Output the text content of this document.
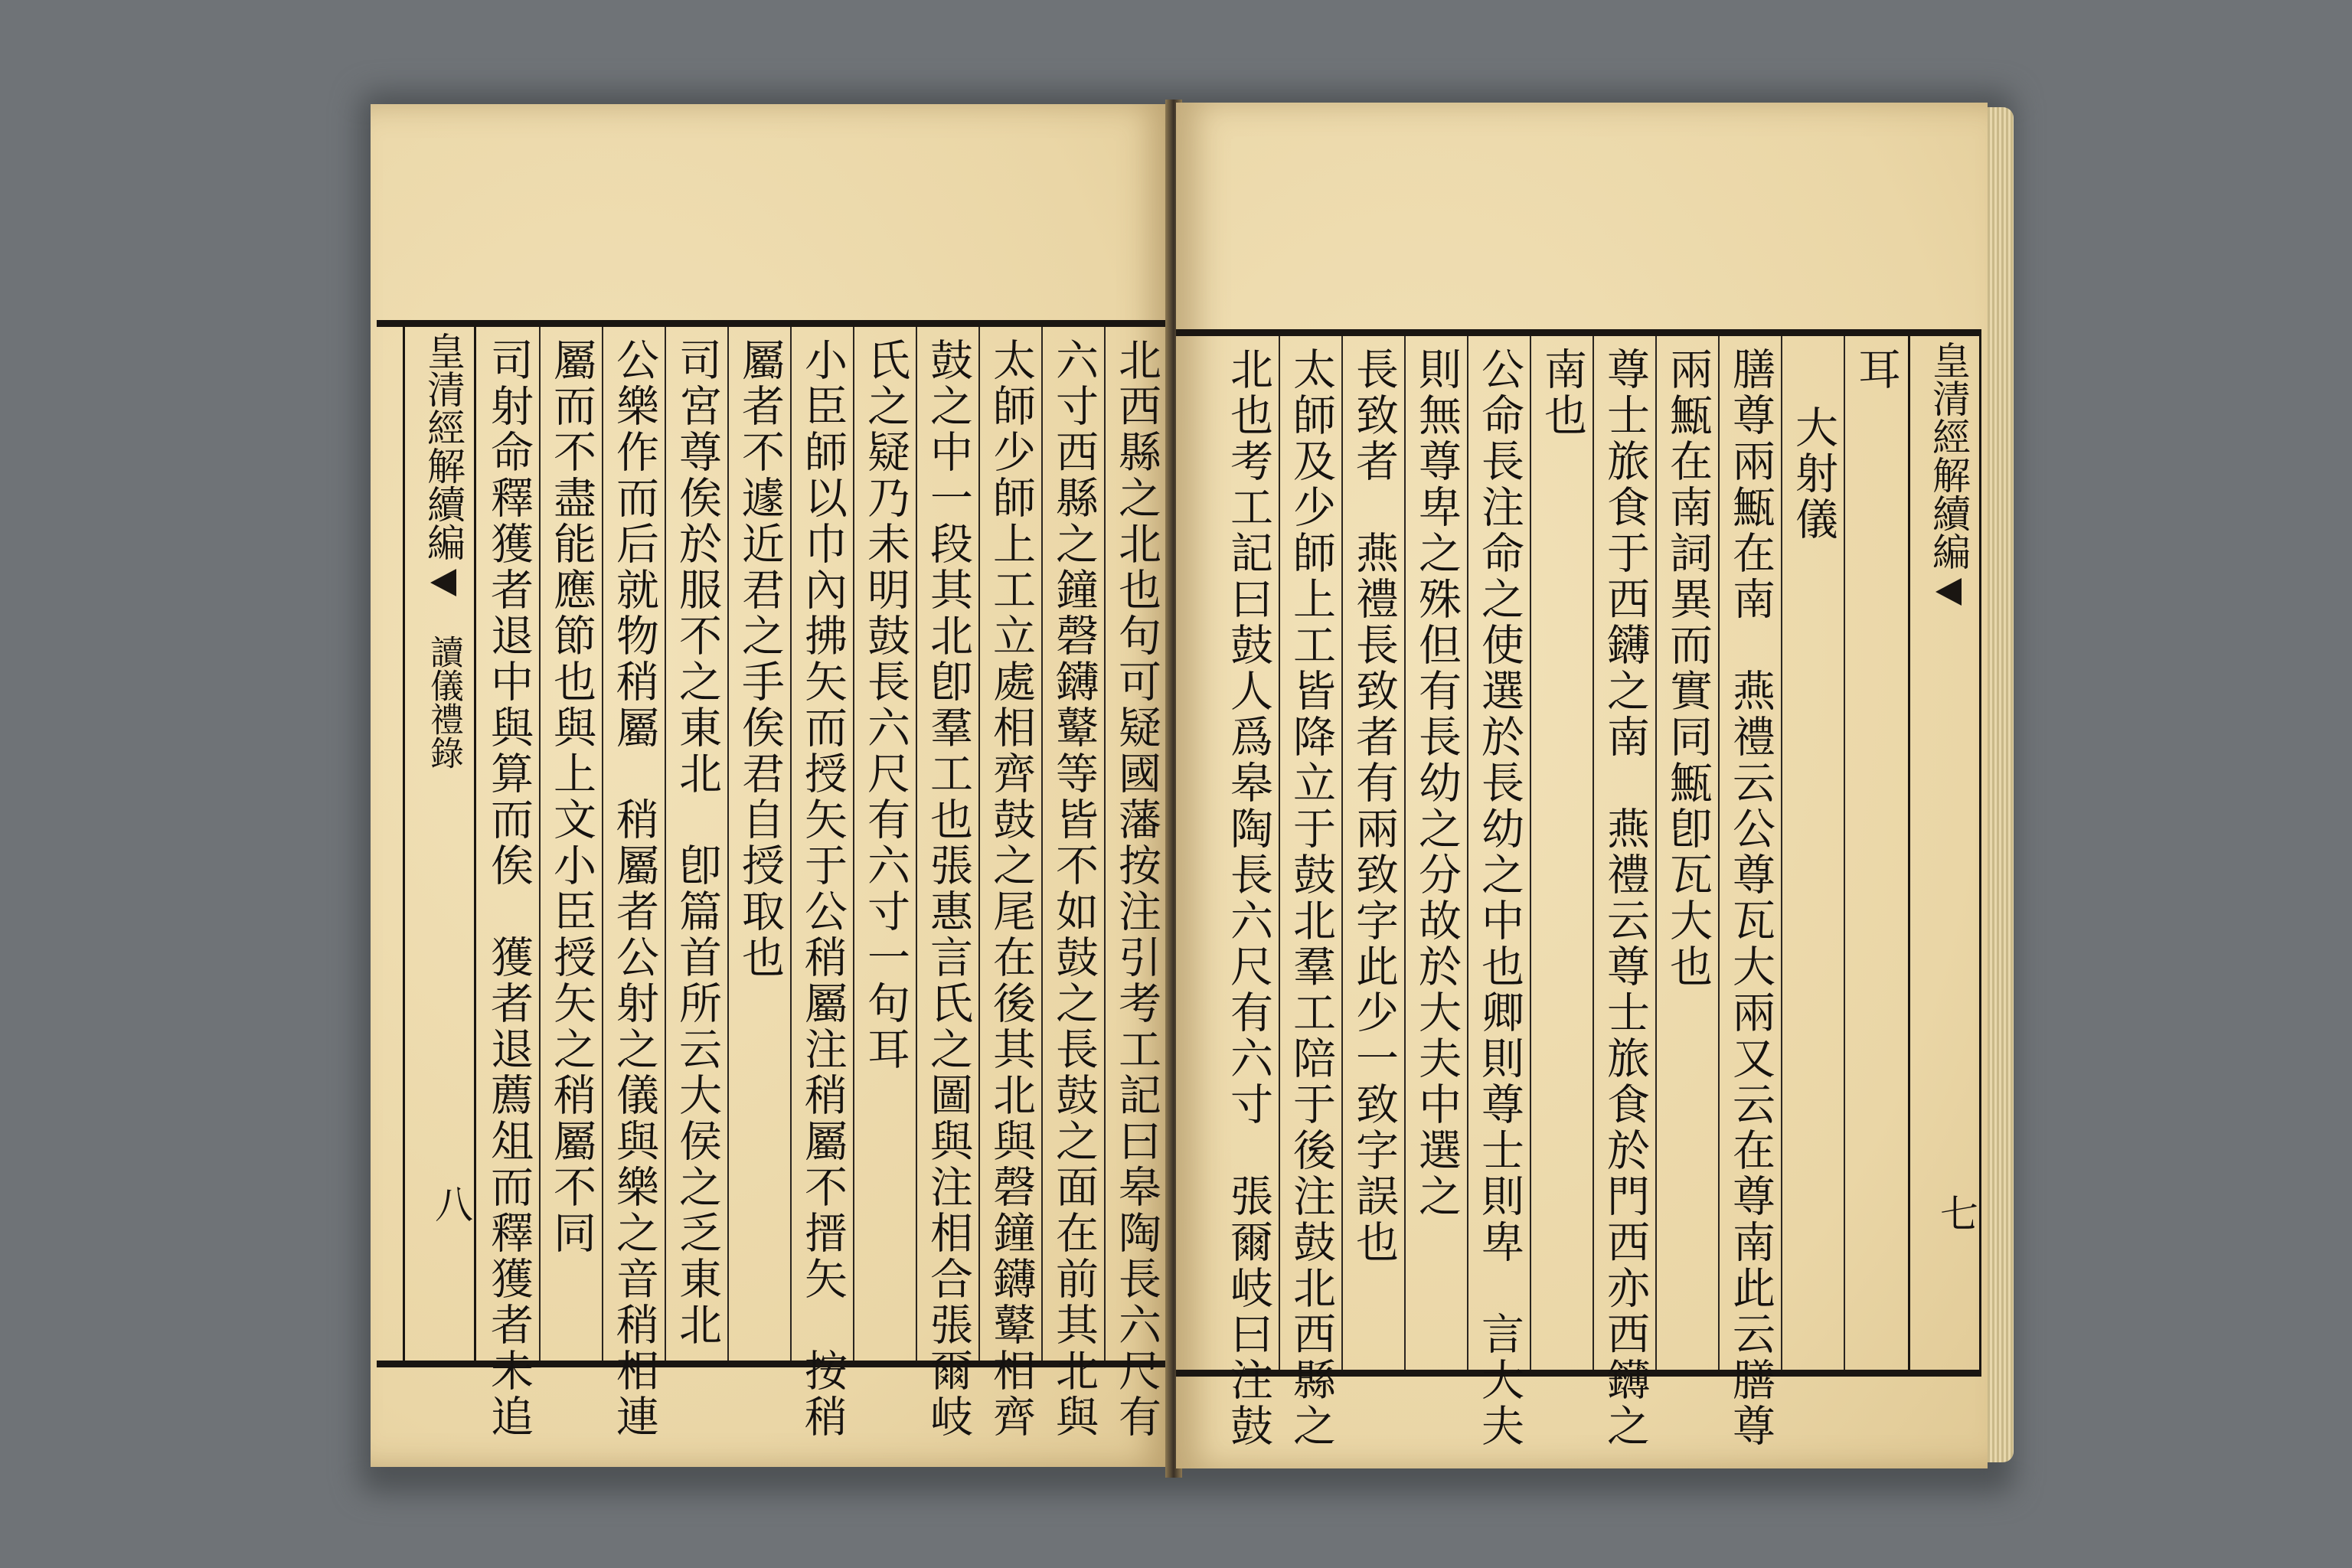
北西縣之北也句可疑國藩按注引考工記曰皋陶長六尺有
六寸西縣之鐘磬鑮鼙等皆不如鼓之長鼓之面在前其北與
太師少師上工立處相齊鼓之尾在後其北與磬鐘鑮鼙相齊
鼓之中一段其北卽羣工也張惠言氏之圖與注相合張爾岐
氏之疑乃未明鼓長六尺有六寸一句耳
小臣師以巾內拂矢而授矢于公稍屬注稍屬不搢矢　按稍
屬者不遽近君之手俟君自授取也
司宮尊俟於服不之東北　卽篇首所云大侯之乏東北
公樂作而后就物稍屬　稍屬者公射之儀與樂之音稍相連
屬而不盡能應節也與上文小臣授矢之稍屬不同
司射命釋獲者退中與算而俟　獲者退薦俎而釋獲者未追
皇清經解續編讀儀禮錄
八
皇清經解續編
七
耳
大射儀
膳尊兩甒在南　燕禮云公尊瓦大兩又云在尊南此云膳尊
兩甒在南詞異而實同甒卽瓦大也
尊士旅食于西鑮之南　燕禮云尊士旅食於門西亦西鑮之
南也
公命長注命之使選於長幼之中也卿則尊士則卑　言大夫
則無尊卑之殊但有長幼之分故於大夫中選之
長致者　燕禮長致者有兩致字此少一致字誤也
太師及少師上工皆降立于鼓北羣工陪于後注鼓北西縣之
北也考工記曰鼓人爲皋陶長六尺有六寸　張爾岐曰注鼓
